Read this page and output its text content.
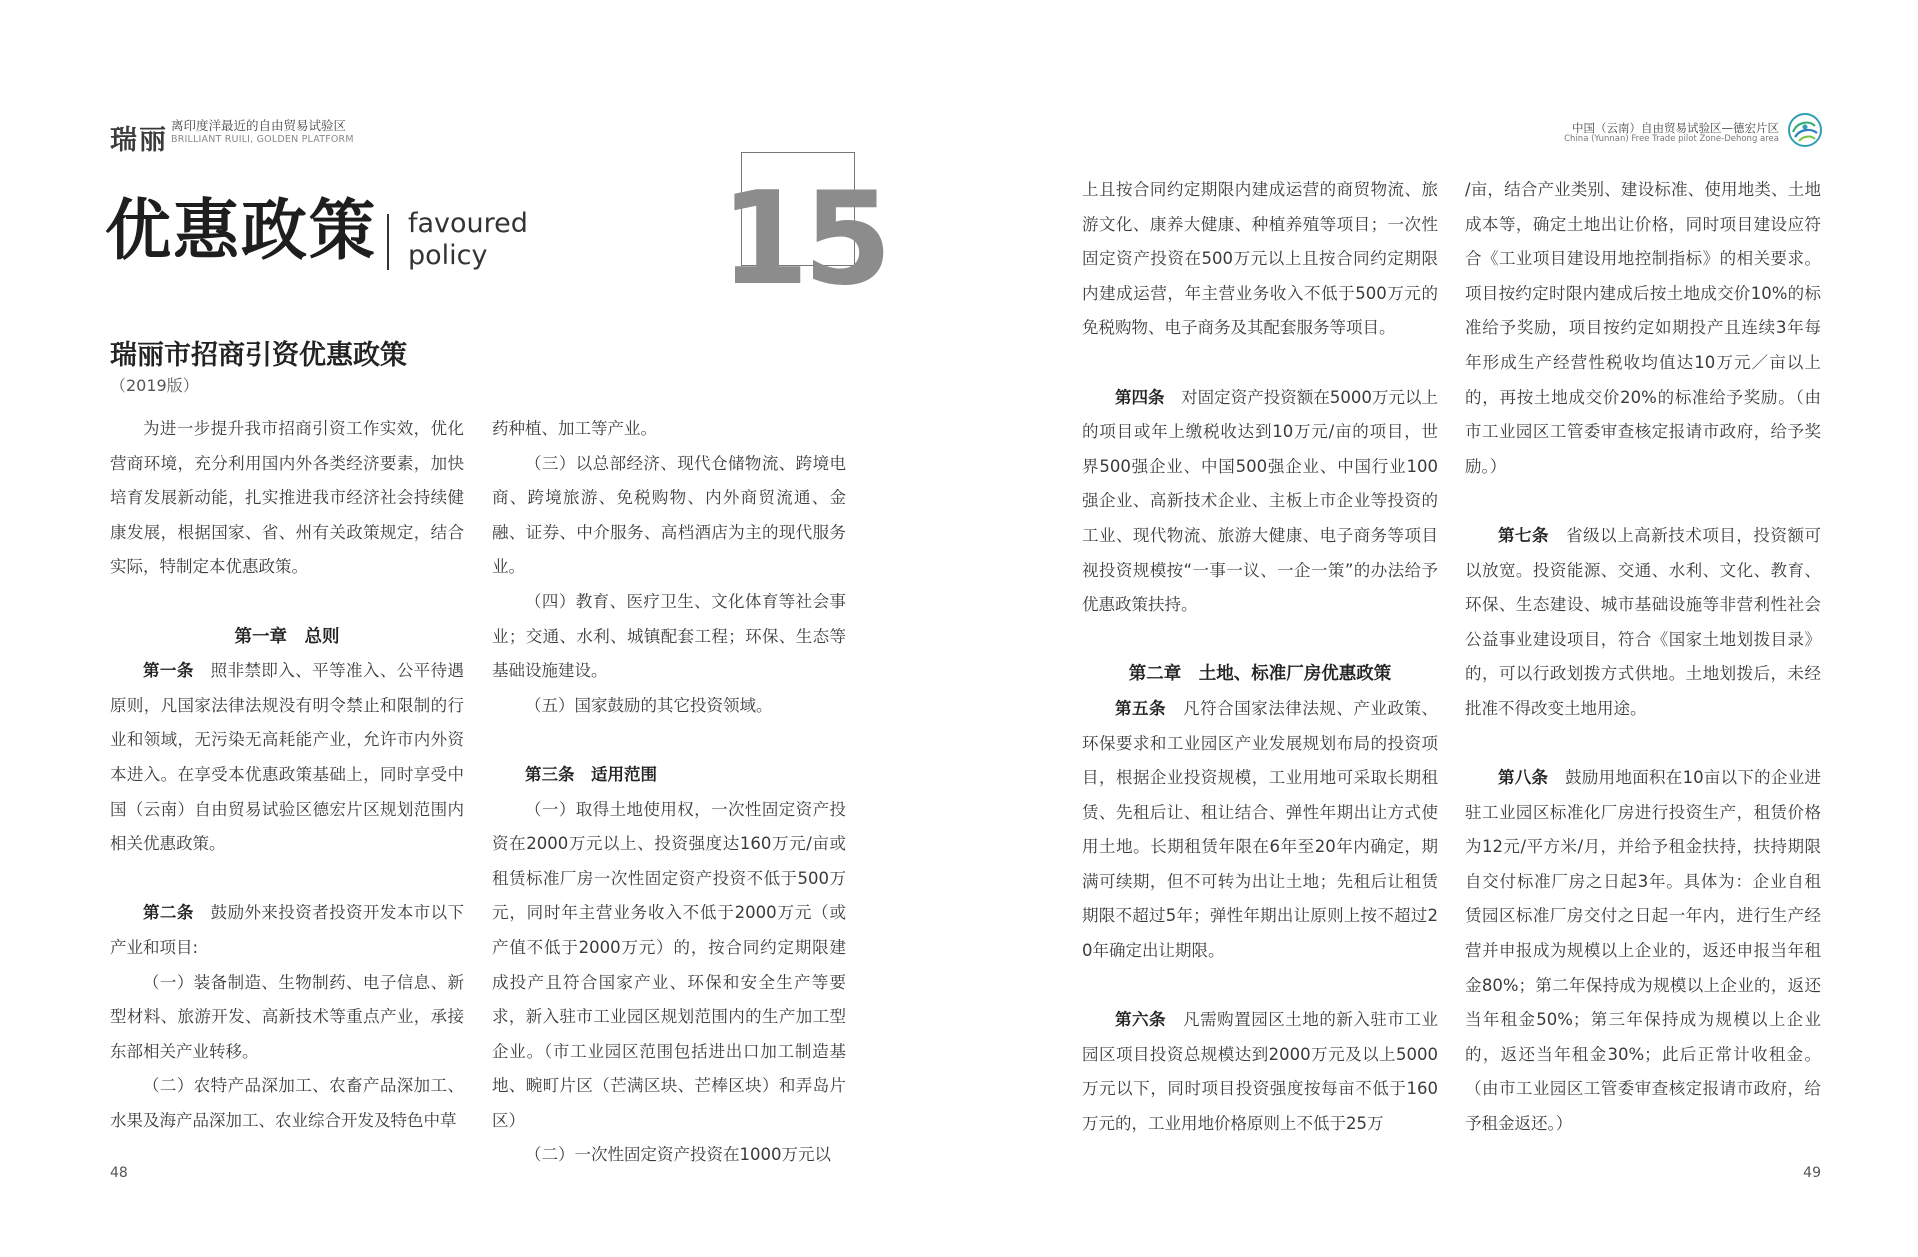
瑞丽 离印度洋最近的自由贸易试验区
BRILLIANT RUILI, GOLDEN PLATFORM
中国（云南）自由贸易试验区—德宏片区
China (Yunnan) Free Trade pilot Zone-Dehong area
优惠政策 favoured
policy	15
瑞丽市招商引资优惠政策
（2019版）

为进一步提升我市招商引资工作实效，优化营商环境，充分利用国内外各类经济要素，加快培育发展新动能，扎实推进我市经济社会持续健康发展，根据国家、省、州有关政策规定，结合实际，特制定本优惠政策。

第一章　总则

第一条　 照非禁即入、平等准入、公平待遇原则，凡国家法律法规没有明令禁止和限制的行业和领域，无污染无高耗能产业，允许市内外资本进入。在享受本优惠政策基础上，同时享受中国（云南）自由贸易试验区德宏片区规划范围内相关优惠政策。

第二条　 鼓励外来投资者投资开发本市以下产业和项目:

（一）装备制造、生物制药、电子信息、新型材料、旅游开发、高新技术等重点产业，承接东部相关产业转移。

（二）农特产品深加工、农畜产品深加工、水果及海产品深加工、农业综合开发及特色中草

药种植、加工等产业。

（三）以总部经济、现代仓储物流、跨境电商、跨境旅游、免税购物、内外商贸流通、金融、证券、中介服务、高档酒店为主的现代服务业。

（四）教育、医疗卫生、文化体育等社会事业；交通、水利、城镇配套工程；环保、生态等基础设施建设。

（五）国家鼓励的其它投资领域。

第三条　适用范围

（一）取得土地使用权，一次性固定资产投资在2000万元以上、投资强度达160万元/亩或租赁标准厂房一次性固定资产投资不低于500万元，同时年主营业务收入不低于2000万元（或产值不低于2000万元）的，按合同约定期限建成投产且符合国家产业、环保和安全生产等要求，新入驻市工业园区规划范围内的生产加工型企业。（市工业园区范围包括进出口加工制造基地、畹町片区（芒满区块、芒棒区块）和弄岛片区）

（二）一次性固定资产投资在1000万元以

上且按合同约定期限内建成运营的商贸物流、旅游文化、康养大健康、种植养殖等项目；一次性固定资产投资在500万元以上且按合同约定期限内建成运营，年主营业务收入不低于500万元的免税购物、电子商务及其配套服务等项目。

第四条　 对固定资产投资额在5000万元以上的项目或年上缴税收达到10万元/亩的项目，世界500强企业、中国500强企业、中国行业100强企业、高新技术企业、主板上市企业等投资的工业、现代物流、旅游大健康、电子商务等项目视投资规模按“一事一议、一企一策”的办法给予优惠政策扶持。

第二章　土地、标准厂房优惠政策

第五条　 凡符合国家法律法规、产业政策、环保要求和工业园区产业发展规划布局的投资项目，根据企业投资规模，工业用地可采取长期租赁、先租后让、租让结合、弹性年期出让方式使用土地。长期租赁年限在6年至20年内确定，期满可续期，但不可转为出让土地；先租后让租赁期限不超过5年；弹性年期出让原则上按不超过20年确定出让期限。

第六条　 凡需购置园区土地的新入驻市工业园区项目投资总规模达到2000万元及以上5000万元以下，同时项目投资强度按每亩不低于160万元的，工业用地价格原则上不低于25万

/亩，结合产业类别、建设标准、使用地类、土地成本等，确定土地出让价格，同时项目建设应符合《工业项目建设用地控制指标》的相关要求。项目按约定时限内建成后按土地成交价10%的标准给予奖励，项目按约定如期投产且连续3年每年形成生产经营性税收均值达10万元／亩以上的，再按土地成交价20%的标准给予奖励。（由市工业园区工管委审查核定报请市政府，给予奖励。）

第七条　 省级以上高新技术项目，投资额可以放宽。投资能源、交通、水利、文化、教育、环保、生态建设、城市基础设施等非营利性社会公益事业建设项目，符合《国家土地划拨目录》的，可以行政划拨方式供地。土地划拨后，未经批准不得改变土地用途。

第八条　 鼓励用地面积在10亩以下的企业进驻工业园区标准化厂房进行投资生产，租赁价格为12元/平方米/月，并给予租金扶持，扶持期限自交付标准厂房之日起3年。具体为：企业自租赁园区标准厂房交付之日起一年内，进行生产经营并申报成为规模以上企业的，返还申报当年租金80%；第二年保持成为规模以上企业的，返还当年租金50%；第三年保持成为规模以上企业的，返还当年租金30%；此后正常计收租金。（由市工业园区工管委审查核定报请市政府，给予租金返还。）

48	49
